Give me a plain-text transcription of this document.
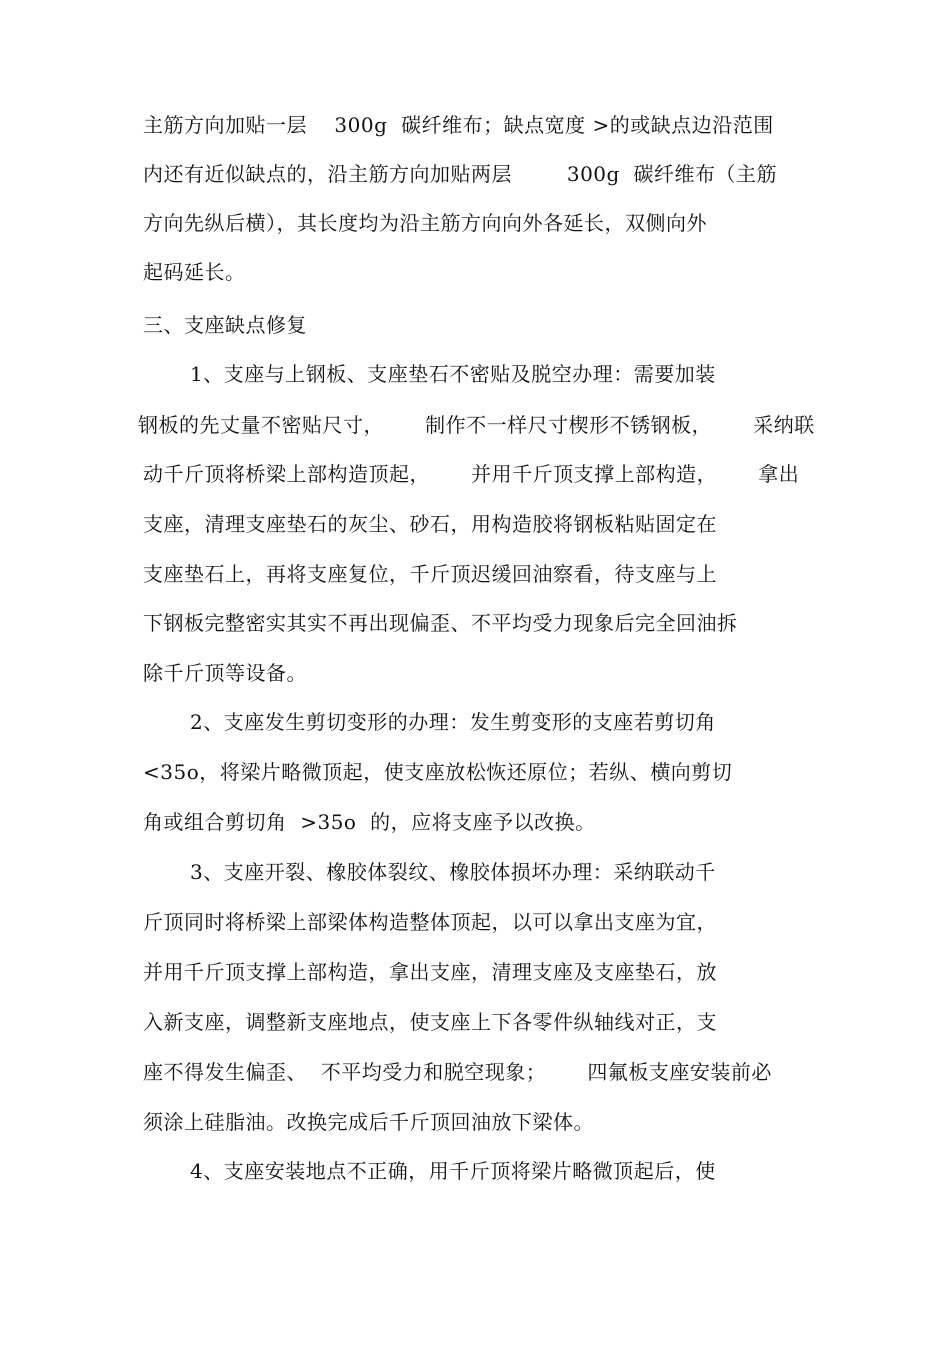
主筋方向加贴一层    300g  碳纤维布；缺点宽度 >的或缺点边沿范围
内还有近似缺点的，沿主筋方向加贴两层        300g  碳纤维布（主筋
方向先纵后横），其长度均为沿主筋方向向外各延长，双侧向外
起码延长。
三、支座缺点修复
1、支座与上钢板、支座垫石不密贴及脱空办理：需要加装
钢板的先丈量不密贴尺寸，      制作不一样尺寸楔形不锈钢板，      采纳联
动千斤顶将桥梁上部构造顶起，      并用千斤顶支撑上部构造，      拿出
支座，清理支座垫石的灰尘、砂石，用构造胶将钢板粘贴固定在
支座垫石上，再将支座复位，千斤顶迟缓回油察看，待支座与上
下钢板完整密实其实不再出现偏歪、不平均受力现象后完全回油拆
除千斤顶等设备。
2、支座发生剪切变形的办理：发生剪变形的支座若剪切角
<35o，将梁片略微顶起，使支座放松恢还原位；若纵、横向剪切
角或组合剪切角  >35o  的，应将支座予以改换。
3、支座开裂、橡胶体裂纹、橡胶体损坏办理：采纳联动千
斤顶同时将桥梁上部梁体构造整体顶起，以可以拿出支座为宜，
并用千斤顶支撑上部构造，拿出支座，清理支座及支座垫石，放
入新支座，调整新支座地点，使支座上下各零件纵轴线对正，支
座不得发生偏歪、  不平均受力和脱空现象；      四氟板支座安装前必
须涂上硅脂油。改换完成后千斤顶回油放下梁体。
4、支座安装地点不正确，用千斤顶将梁片略微顶起后，使
